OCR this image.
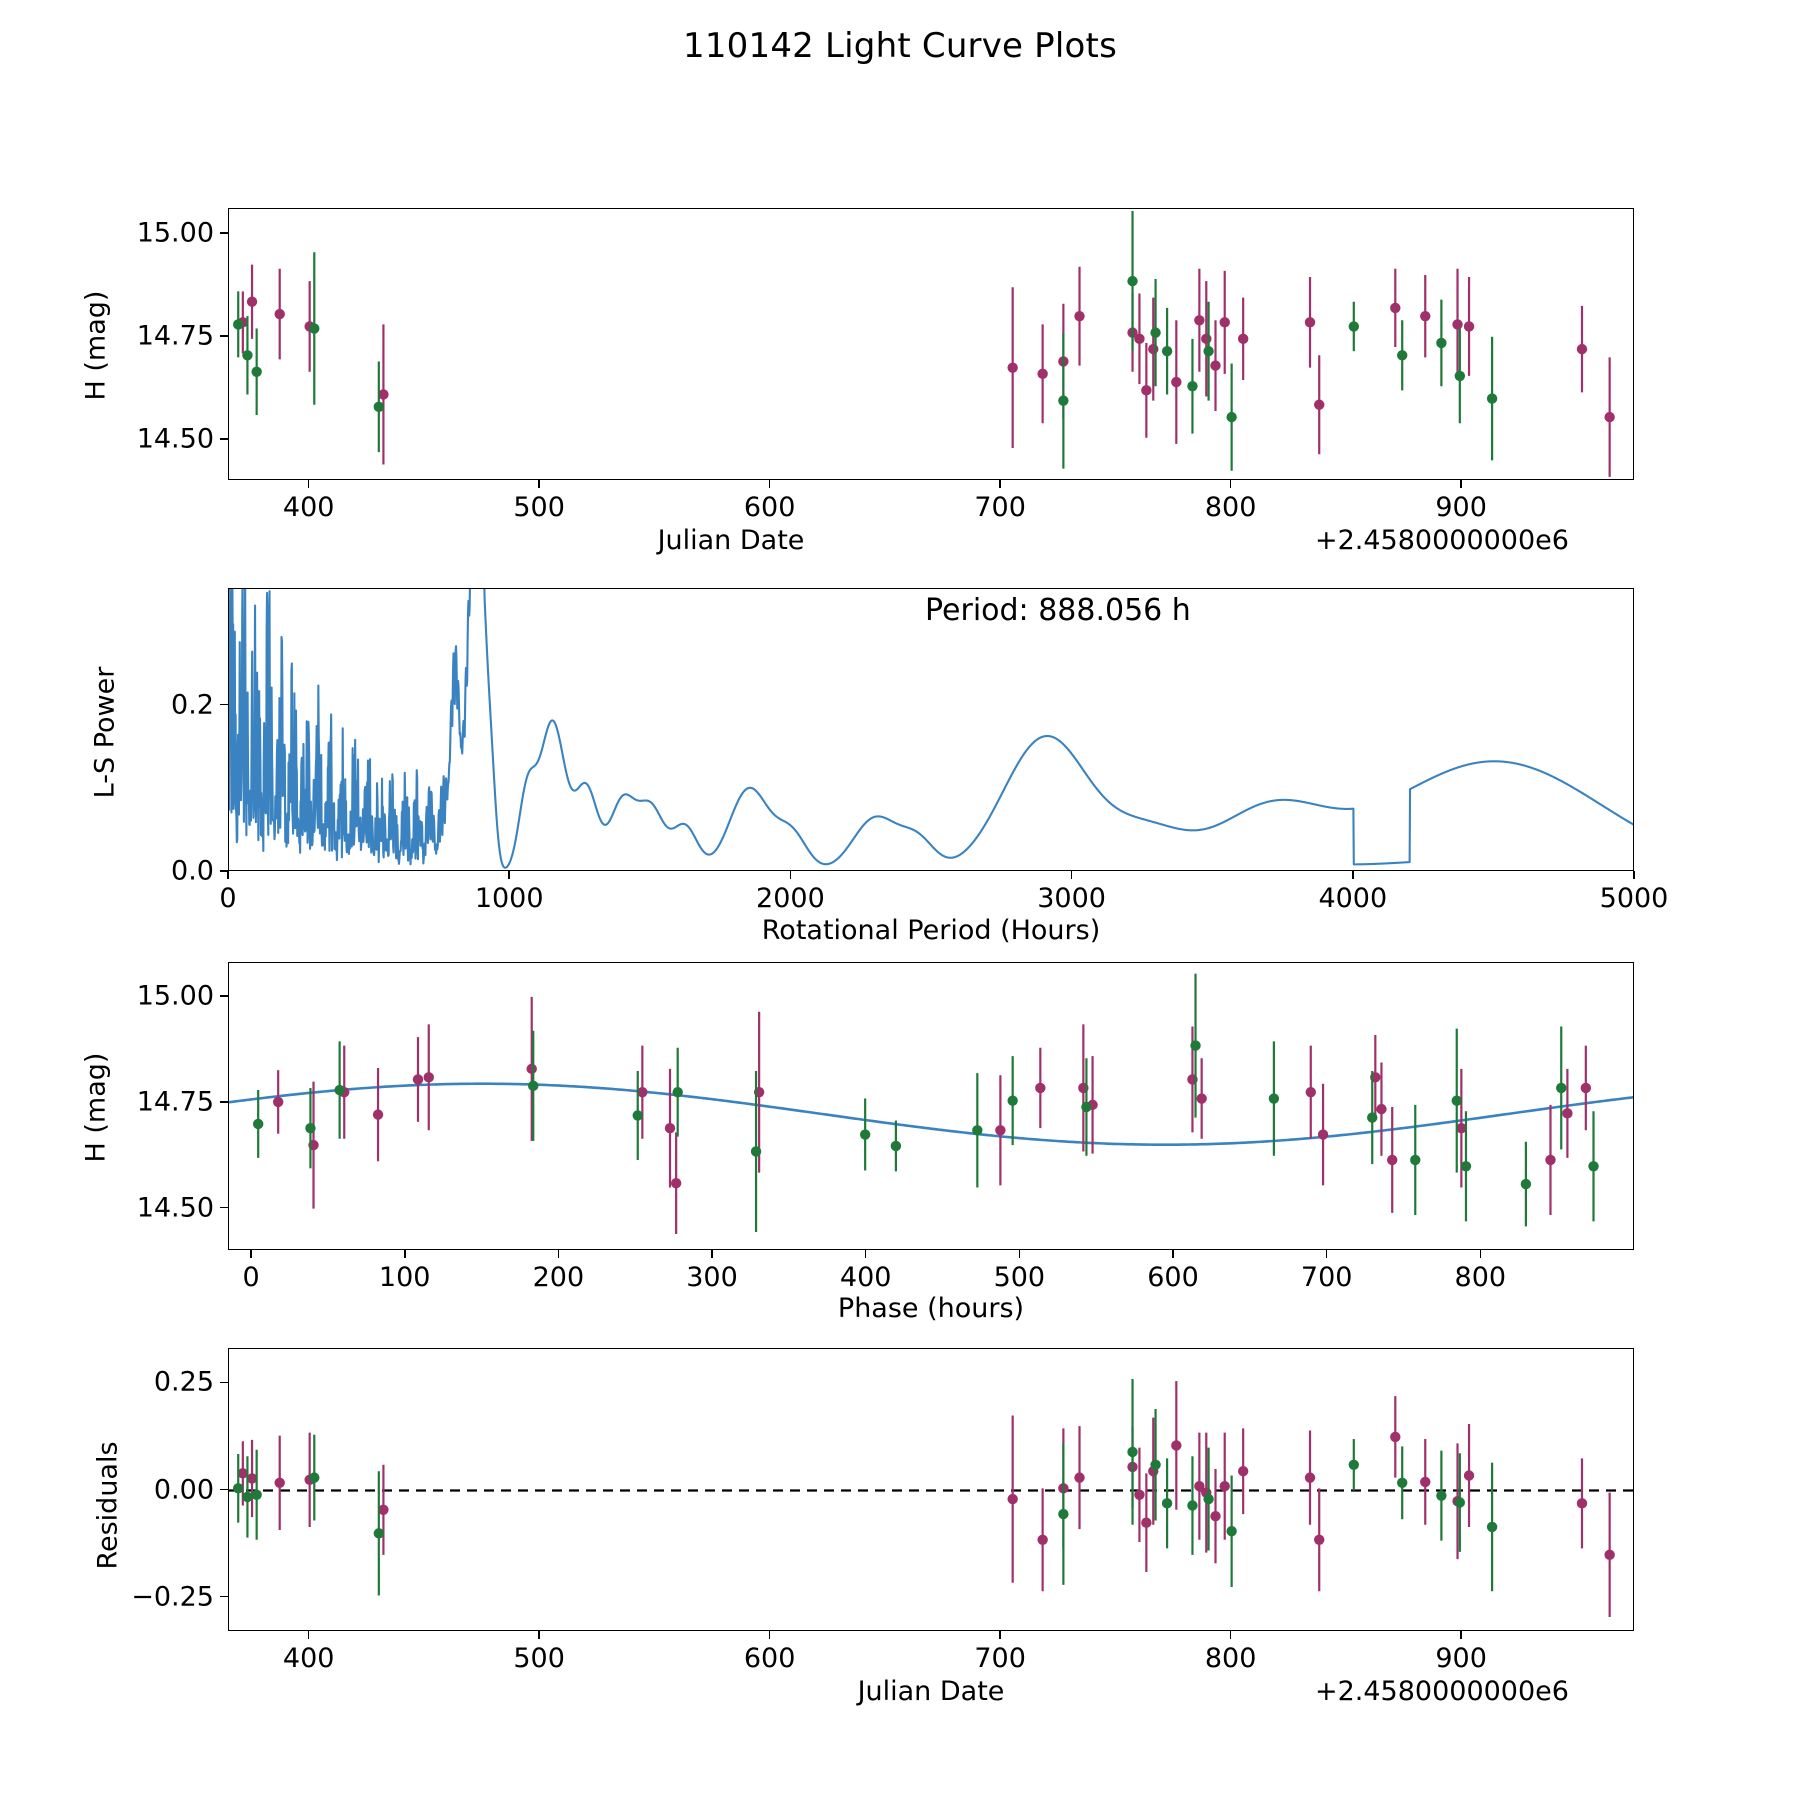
110142 Light Curve Plots
H (mag)
Julian Date	+2.4580000000e6
400	500	600	700	800	900
14.50
14.75
15.00
Period: 888.056 h
L-S Power
Rotational Period (Hours)
0	1000	2000	3000	4000	5000
0.0
0.2
H (mag)
Phase (hours)
0	100	200	300	400	500	600	700	800
14.50
14.75
15.00
Residuals
Julian Date	+2.4580000000e6
400	500	600	700	800	900
−0.25
0.00
0.25
